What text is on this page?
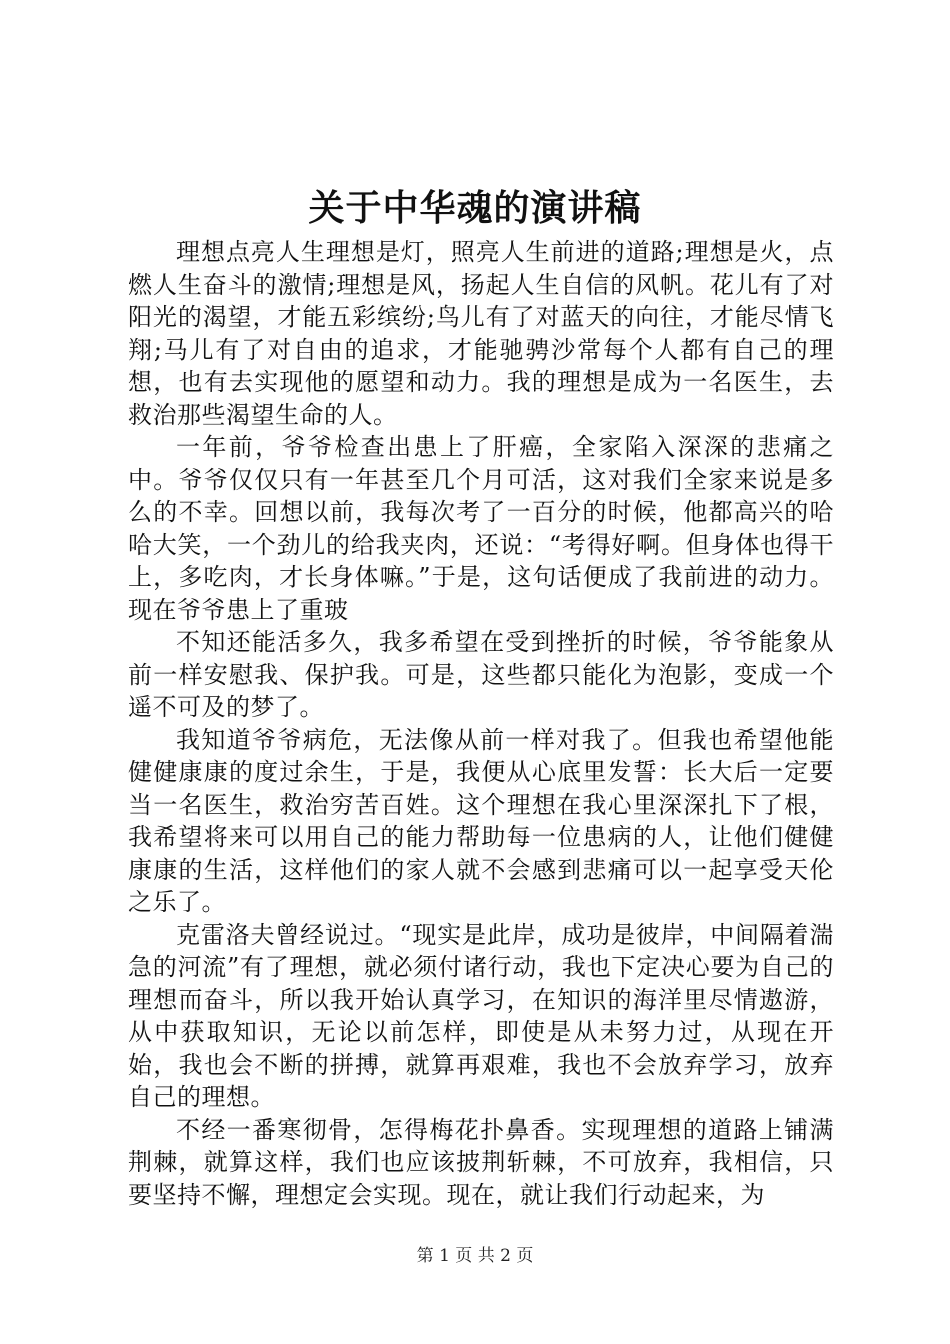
关于中华魂的演讲稿

理想点亮人生理想是灯，照亮人生前进的道路;理想是火，点燃人生奋斗的激情;理想是风，扬起人生自信的风帆。花儿有了对阳光的渴望，才能五彩缤纷;鸟儿有了对蓝天的向往，才能尽情飞翔;马儿有了对自由的追求，才能驰骋沙常每个人都有自己的理想，也有去实现他的愿望和动力。我的理想是成为一名医生，去救治那些渴望生命的人。

一年前，爷爷检查出患上了肝癌，全家陷入深深的悲痛之中。爷爷仅仅只有一年甚至几个月可活，这对我们全家来说是多么的不幸。回想以前，我每次考了一百分的时候，他都高兴的哈哈大笑，一个劲儿的给我夹肉，还说：“考得好啊。但身体也得干上，多吃肉，才长身体嘛。”于是，这句话便成了我前进的动力。现在爷爷患上了重玻

不知还能活多久，我多希望在受到挫折的时候，爷爷能象从前一样安慰我、保护我。可是，这些都只能化为泡影，变成一个遥不可及的梦了。

我知道爷爷病危，无法像从前一样对我了。但我也希望他能健健康康的度过余生，于是，我便从心底里发誓：长大后一定要当一名医生，救治穷苦百姓。这个理想在我心里深深扎下了根，我希望将来可以用自己的能力帮助每一位患病的人，让他们健健康康的生活，这样他们的家人就不会感到悲痛可以一起享受天伦之乐了。

克雷洛夫曾经说过。“现实是此岸，成功是彼岸，中间隔着湍急的河流”有了理想，就必须付诸行动，我也下定决心要为自己的理想而奋斗，所以我开始认真学习，在知识的海洋里尽情遨游，从中获取知识，无论以前怎样，即使是从未努力过，从现在开始，我也会不断的拼搏，就算再艰难，我也不会放弃学习，放弃自己的理想。

不经一番寒彻骨，怎得梅花扑鼻香。实现理想的道路上铺满荆棘，就算这样，我们也应该披荆斩棘，不可放弃，我相信，只要坚持不懈，理想定会实现。现在，就让我们行动起来，为

第 1 页 共 2 页
